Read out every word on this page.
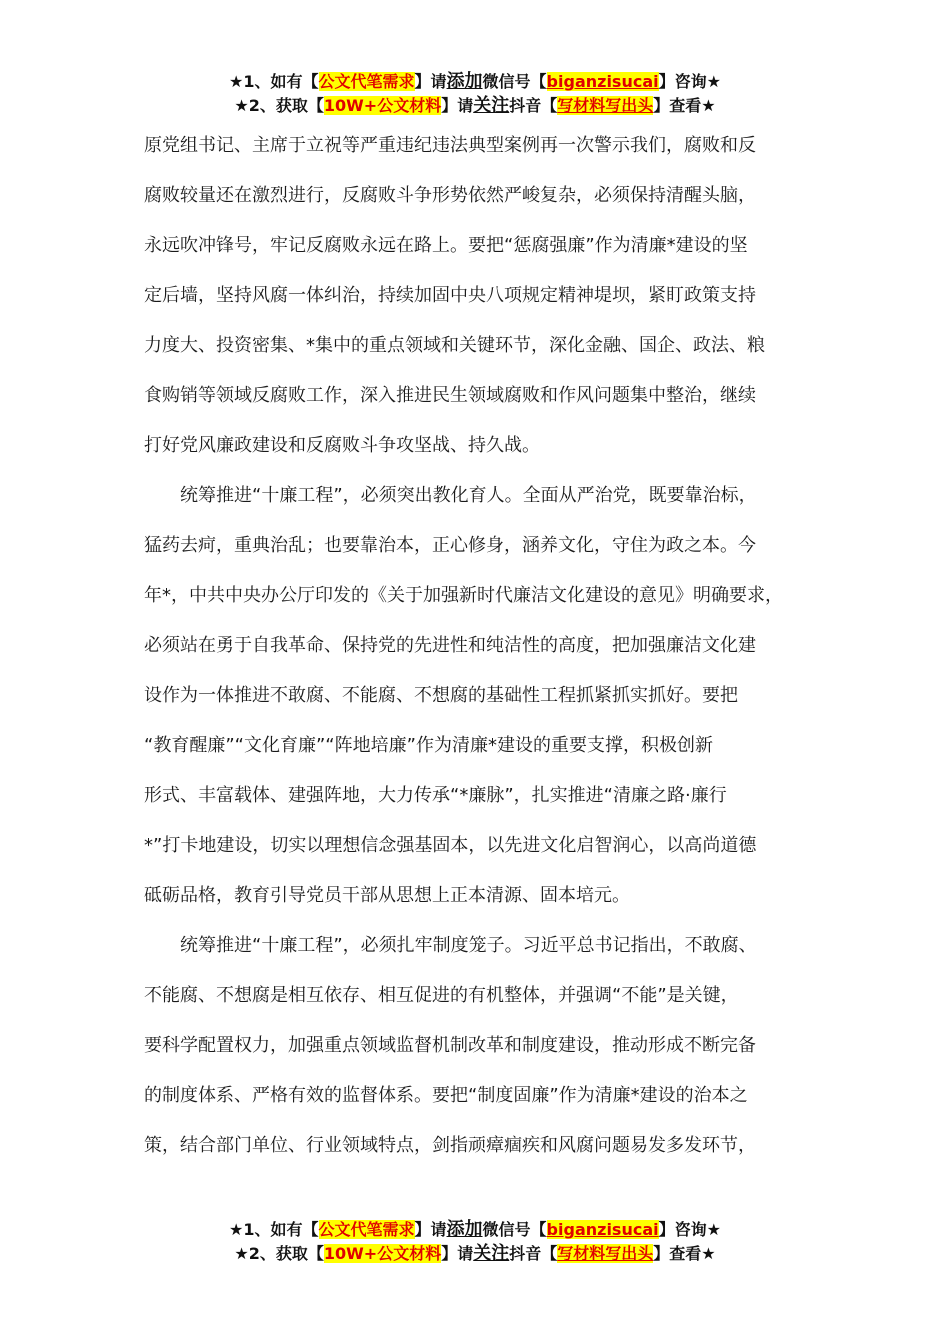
★1、如有【公文代笔需求】请添加微信号【biganzisucai】咨询★
★2、获取【10W+公文材料】请关注抖音【写材料写出头】查看★
原党组书记、主席于立祝等严重违纪违法典型案例再一次警示我们，腐败和反
腐败较量还在激烈进行，反腐败斗争形势依然严峻复杂，必须保持清醒头脑，
永远吹冲锋号，牢记反腐败永远在路上。要把“惩腐强廉”作为清廉*建设的坚
定后墙，坚持风腐一体纠治，持续加固中央八项规定精神堤坝，紧盯政策支持
力度大、投资密集、*集中的重点领域和关键环节，深化金融、国企、政法、粮
食购销等领域反腐败工作，深入推进民生领域腐败和作风问题集中整治，继续
打好党风廉政建设和反腐败斗争攻坚战、持久战。
　　统筹推进“十廉工程”，必须突出教化育人。全面从严治党，既要靠治标，
猛药去疴，重典治乱；也要靠治本，正心修身，涵养文化，守住为政之本。今
年*，中共中央办公厅印发的《关于加强新时代廉洁文化建设的意见》明确要求，
必须站在勇于自我革命、保持党的先进性和纯洁性的高度，把加强廉洁文化建
设作为一体推进不敢腐、不能腐、不想腐的基础性工程抓紧抓实抓好。要把
“教育醒廉”“文化育廉”“阵地培廉”作为清廉*建设的重要支撑，积极创新
形式、丰富载体、建强阵地，大力传承“*廉脉”，扎实推进“清廉之路·廉行
*”打卡地建设，切实以理想信念强基固本，以先进文化启智润心，以高尚道德
砥砺品格，教育引导党员干部从思想上正本清源、固本培元。
　　统筹推进“十廉工程”，必须扎牢制度笼子。习近平总书记指出，不敢腐、
不能腐、不想腐是相互依存、相互促进的有机整体，并强调“不能”是关键，
要科学配置权力，加强重点领域监督机制改革和制度建设，推动形成不断完备
的制度体系、严格有效的监督体系。要把“制度固廉”作为清廉*建设的治本之
策，结合部门单位、行业领域特点，剑指顽瘴痼疾和风腐问题易发多发环节，
★1、如有【公文代笔需求】请添加微信号【biganzisucai】咨询★
★2、获取【10W+公文材料】请关注抖音【写材料写出头】查看★
